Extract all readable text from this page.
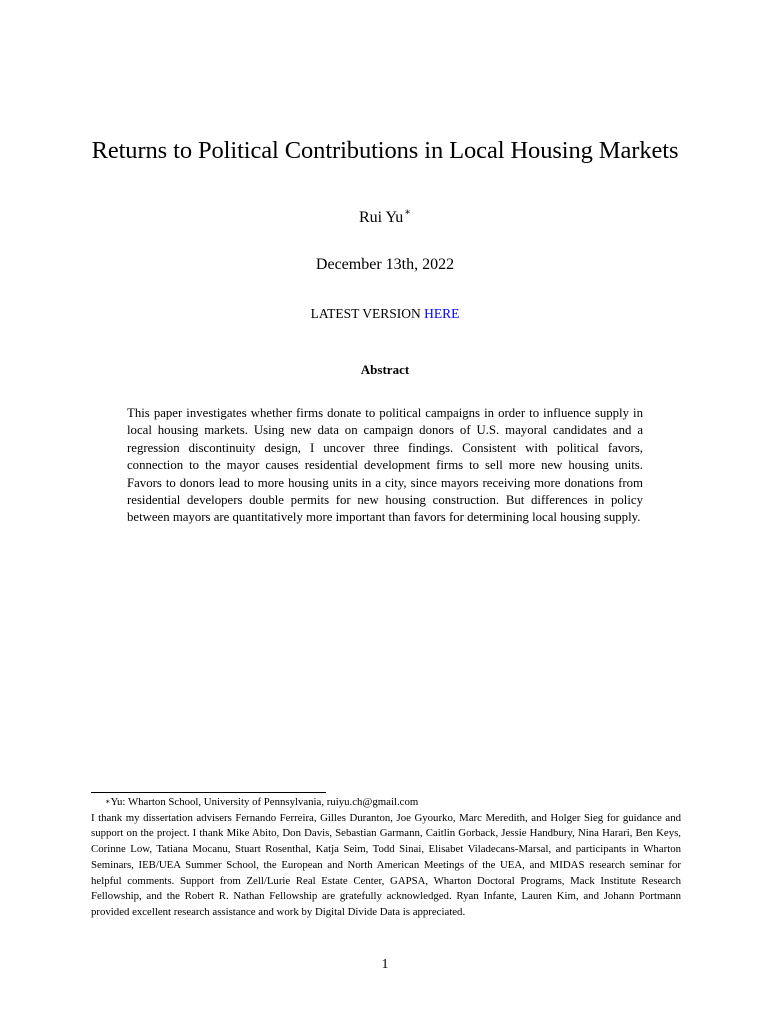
Returns to Political Contributions in Local Housing Markets
Rui Yu∗
December 13th, 2022
LATEST VERSION HERE
Abstract
This paper investigates whether firms donate to political campaigns in order to influence supply in local housing markets. Using new data on campaign donors of U.S. mayoral candidates and a regression discontinuity design, I uncover three findings. Consistent with political favors, connection to the mayor causes residential development firms to sell more new housing units. Favors to donors lead to more housing units in a city, since mayors receiving more donations from residential developers double permits for new housing construction. But differences in policy between mayors are quantitatively more important than favors for determining local housing supply.
∗Yu: Wharton School, University of Pennsylvania, ruiyu.ch@gmail.com
I thank my dissertation advisers Fernando Ferreira, Gilles Duranton, Joe Gyourko, Marc Meredith, and Holger Sieg for guidance and support on the project. I thank Mike Abito, Don Davis, Sebastian Garmann, Caitlin Gorback, Jessie Handbury, Nina Harari, Ben Keys, Corinne Low, Tatiana Mocanu, Stuart Rosenthal, Katja Seim, Todd Sinai, Elisabet Viladecans-Marsal, and participants in Wharton Seminars, IEB/UEA Summer School, the European and North American Meetings of the UEA, and MIDAS research seminar for helpful comments. Support from Zell/Lurie Real Estate Center, GAPSA, Wharton Doctoral Programs, Mack Institute Research Fellowship, and the Robert R. Nathan Fellowship are gratefully acknowledged. Ryan Infante, Lauren Kim, and Johann Portmann provided excellent research assistance and work by Digital Divide Data is appreciated.
1
